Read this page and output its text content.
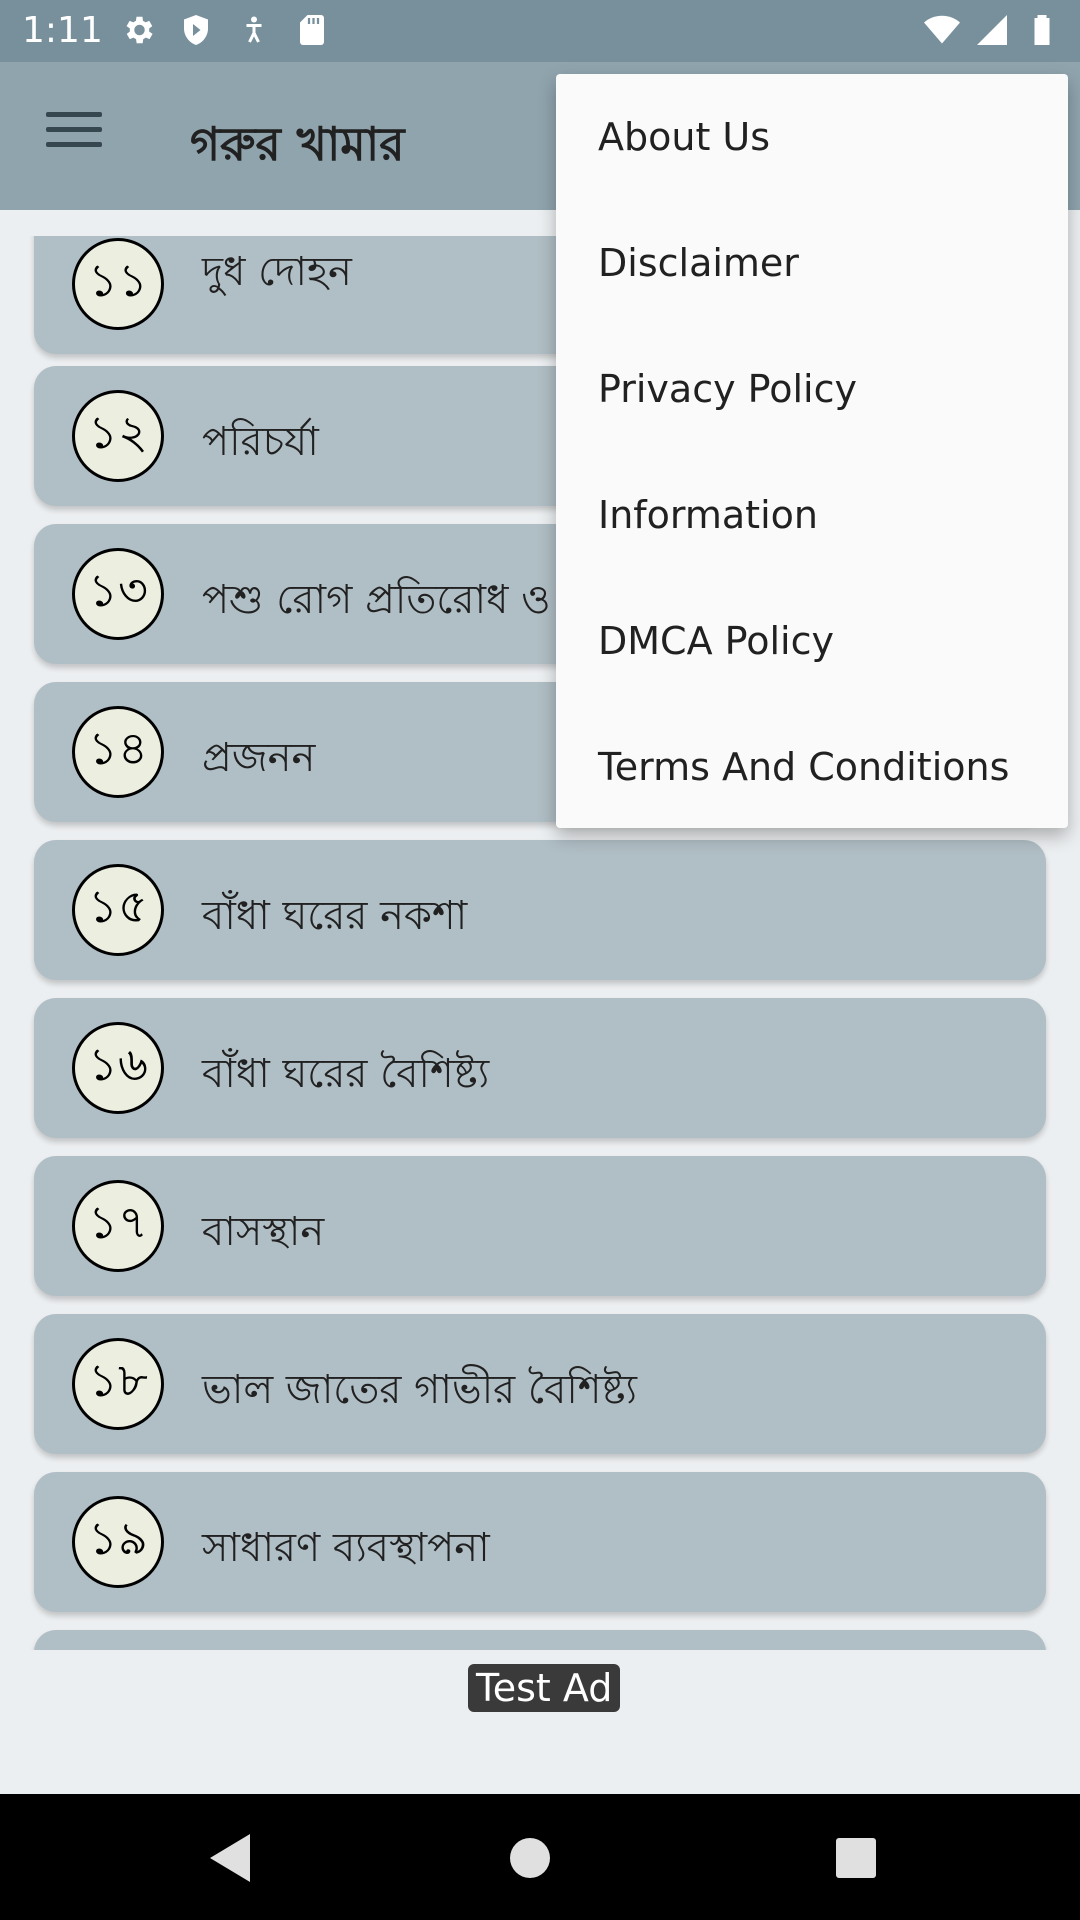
1:11
গরুর খামার
১১	দুধ দোহন
১২	পরিচর্যা
১৩	পশু রোগ প্রতিরোধ ও
১৪	প্রজনন
১৫	বাঁধা ঘরের নকশা
১৬	বাঁধা ঘরের বৈশিষ্ট্য
১৭	বাসস্থান
১৮	ভাল জাতের গাভীর বৈশিষ্ট্য
১৯	সাধারণ ব্যবস্থাপনা
Test Ad
About Us
Disclaimer
Privacy Policy
Information
DMCA Policy
Terms And Conditions
